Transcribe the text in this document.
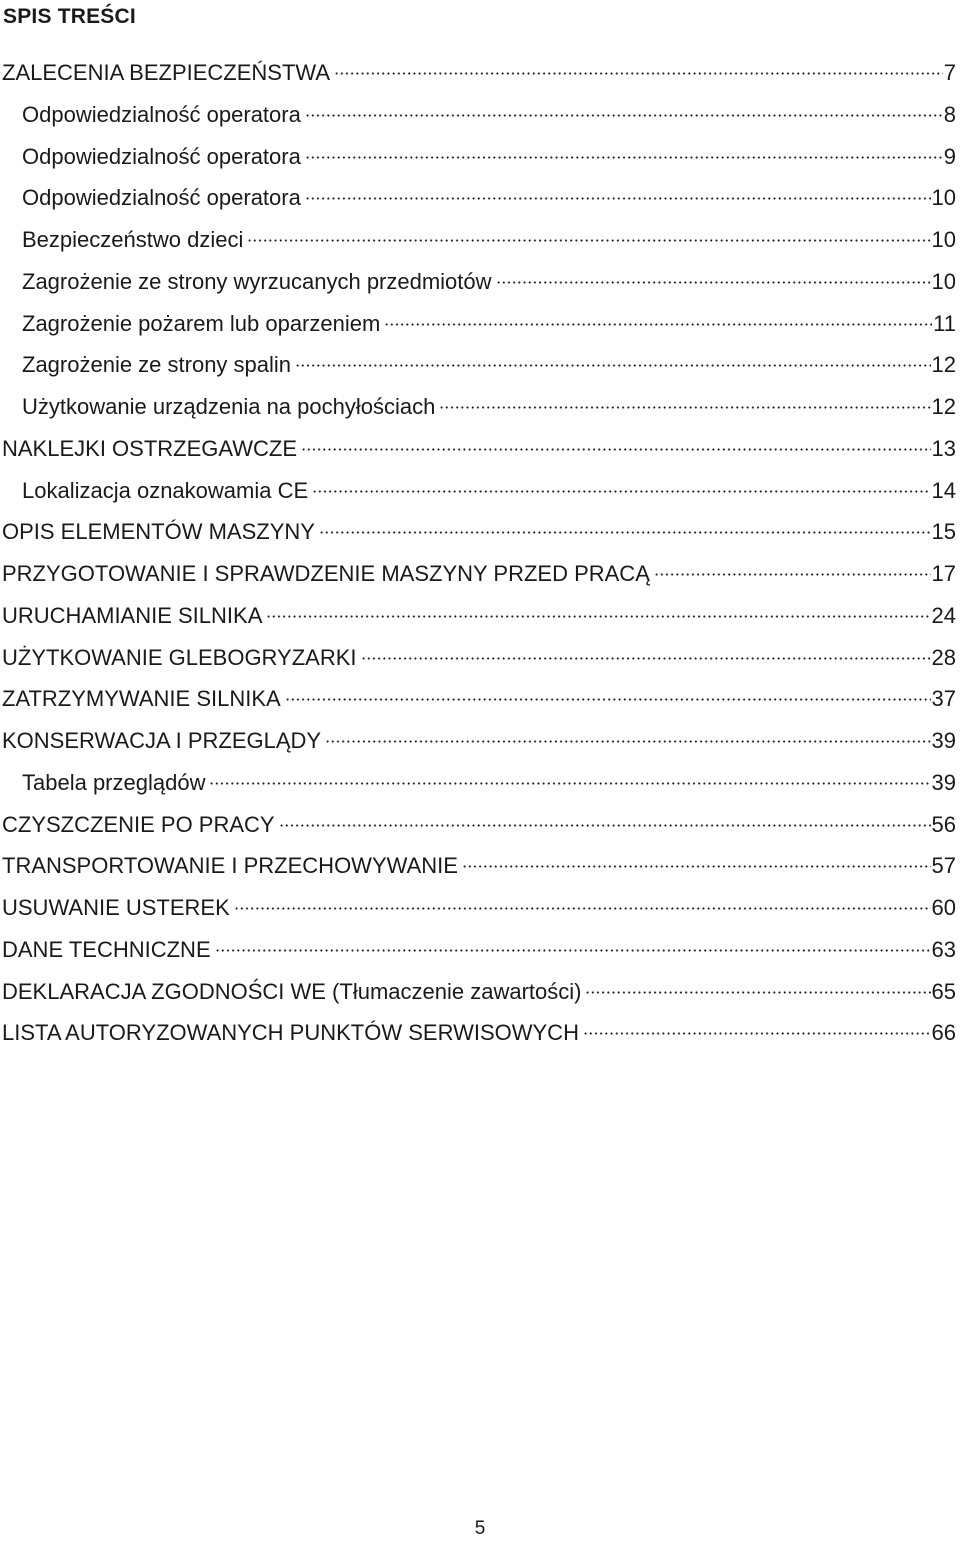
SPIS TREŚCI
ZALECENIA BEZPIECZEŃSTWA	7
Odpowiedzialność operatora	8
Odpowiedzialność operatora	9
Odpowiedzialność operatora	10
Bezpieczeństwo dzieci	10
Zagrożenie ze strony wyrzucanych przedmiotów	10
Zagrożenie pożarem lub oparzeniem	11
Zagrożenie ze strony spalin	12
Użytkowanie urządzenia na pochyłościach	12
NAKLEJKI OSTRZEGAWCZE	13
Lokalizacja oznakowamia CE	14
OPIS ELEMENTÓW MASZYNY	15
PRZYGOTOWANIE I SPRAWDZENIE MASZYNY PRZED PRACĄ	17
URUCHAMIANIE SILNIKA	24
UŻYTKOWANIE GLEBOGRYZARKI	28
ZATRZYMYWANIE SILNIKA	37
KONSERWACJA I PRZEGLĄDY	39
Tabela przeglądów	39
CZYSZCZENIE PO PRACY	56
TRANSPORTOWANIE I PRZECHOWYWANIE	57
USUWANIE USTEREK	60
DANE TECHNICZNE	63
DEKLARACJA ZGODNOŚCI WE (Tłumaczenie zawartości)	65
LISTA AUTORYZOWANYCH PUNKTÓW SERWISOWYCH	66
5
